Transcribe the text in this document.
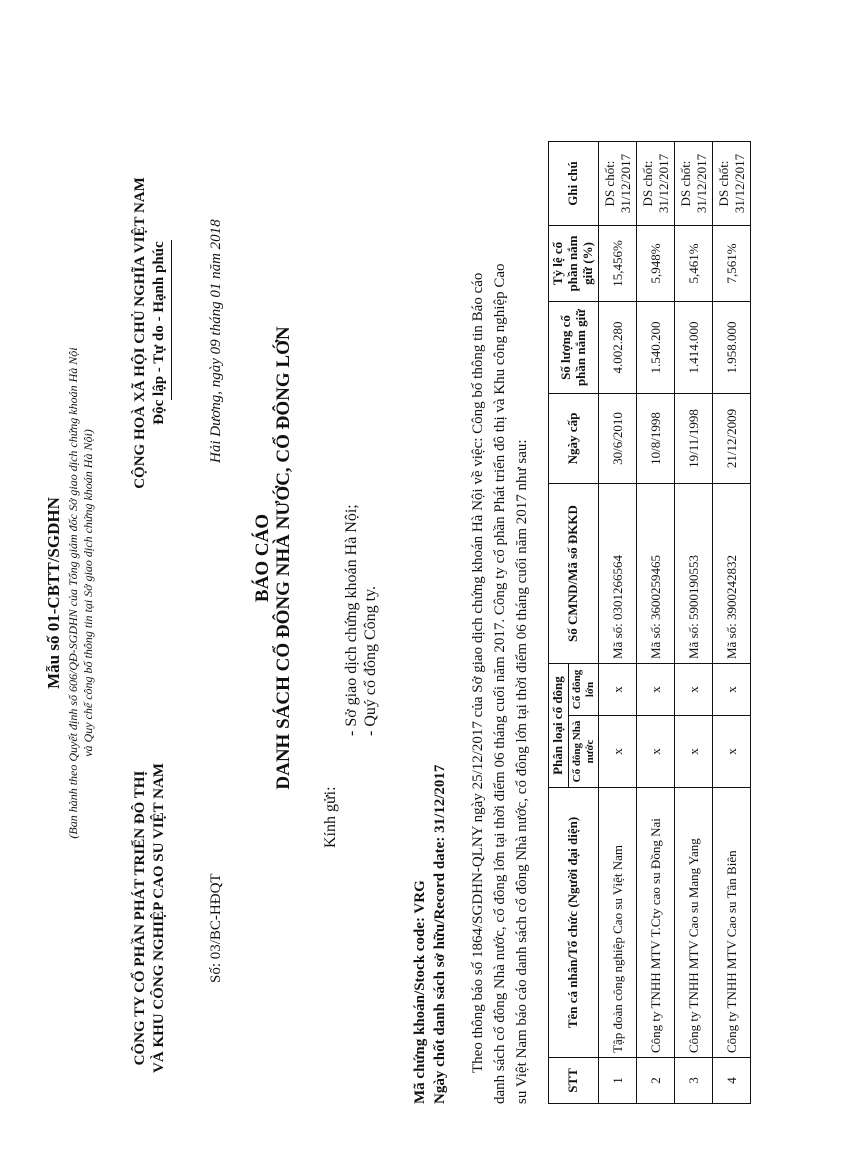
Mẫu số 01-CBTT/SGDHN (Ban hành theo Quyết định số 606/QĐ-SGDHN của Tổng giám đốc Sở giao dịch chứng khoán Hà Nội và Quy chế công bố thông tin tại Sở giao dịch chứng khoán Hà Nội)
CÔNG TY CỔ PHẦN PHÁT TRIỂN ĐÔ THỊ VÀ KHU CÔNG NGHIỆP CAO SU VIỆT NAM
CỘNG HOÀ XÃ HỘI CHỦ NGHĨA VIỆT NAM Độc lập - Tự do - Hạnh phúc
Số: 03/BC-HĐQT
Hải Dương, ngày 09 tháng 01 năm 2018
BÁO CÁO DANH SÁCH CỔ ĐÔNG NHÀ NƯỚC, CỔ ĐÔNG LỚN
Kính gửi:
- Sở giao dịch chứng khoán Hà Nội; - Quý cổ đông Công ty.
Mã chứng khoán/Stock code: VRG Ngày chốt danh sách sở hữu/Record date: 31/12/2017 Theo thông báo số 1864/SGDHN-QLNY ngày 25/12/2017 của Sở giao dịch chứng khoán Hà Nội về việc: Công bố thông tin Báo cáo danh sách cổ đông Nhà nước, cổ đông lớn tại thời điểm 06 tháng cuối năm 2017. Công ty cổ phần Phát triển đô thị và Khu công nghiệp Cao su Việt Nam báo cáo danh sách cổ đông Nhà nước, cổ đông lớn tại thời điểm 06 tháng cuối năm 2017 như sau:	STT	Tên cá nhân/Tổ chức (Người đại diện)	Phân loại cổ đông		Số CMND/Mã số ĐKKD	Ngày cấp	Số lượng cổ phần nắm giữ	Tỷ lệ cổ phần nắm giữ (%)	Ghi chú
		Cổ đông Nhà nước	Cổ đông lớn					
1	Tập đoàn công nghiệp Cao su Việt Nam	x	x	Mã số: 0301266564	30/6/2010	4.002.280	15,456%	DS chốt: 31/12/2017
2	Công ty TNHH MTV T.Cty cao su Đồng Nai	x	x	Mã số: 3600259465	10/8/1998	1.540.200	5,948%	DS chốt: 31/12/2017
3	Công ty TNHH MTV Cao su Mang Yang	x	x	Mã số: 5900190553	19/11/1998	1.414.000	5,461%	DS chốt: 31/12/2017
4	Công ty TNHH MTV Cao su Tân Biên	x	x	Mã số: 3900242832	21/12/2009	1.958.000	7,561%	DS chốt: 31/12/2017
